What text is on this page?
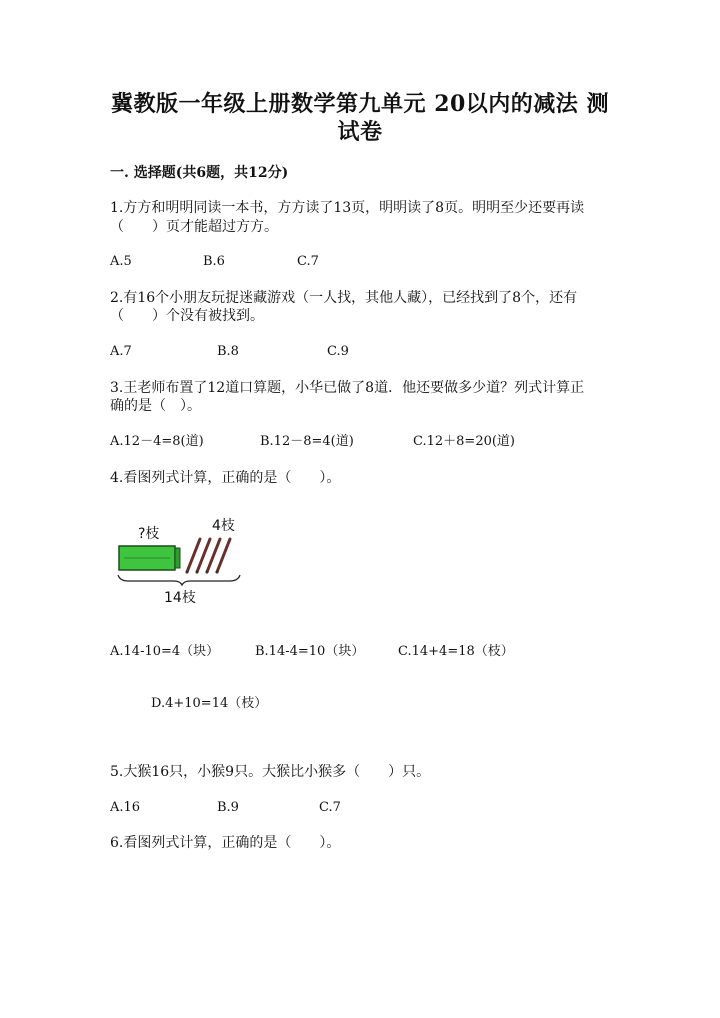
冀教版一年级上册数学第九单元 20以内的减法 测
试卷
一. 选择题(共6题，共12分)
1.方方和明明同读一本书，方方读了13页，明明读了8页。明明至少还要再读
（　　）页才能超过方方。
A.5	B.6	C.7
2.有16个小朋友玩捉迷藏游戏（一人找，其他人藏），已经找到了8个，还有
（　　）个没有被找到。
A.7	B.8	C.9
3.王老师布置了12道口算题，小华已做了8道．他还要做多少道？列式计算正
确的是（　）。
A.12－4=8(道)	B.12－8=4(道)	C.12＋8=20(道)
4.看图列式计算，正确的是（　　）。
?枝	4枝
14枝
A.14-10=4（块）	B.14-4=10（块）	C.14+4=18（枝）
D.4+10=14（枝）
5.大猴16只，小猴9只。大猴比小猴多（　　）只。
A.16	B.9	C.7
6.看图列式计算，正确的是（　　）。
